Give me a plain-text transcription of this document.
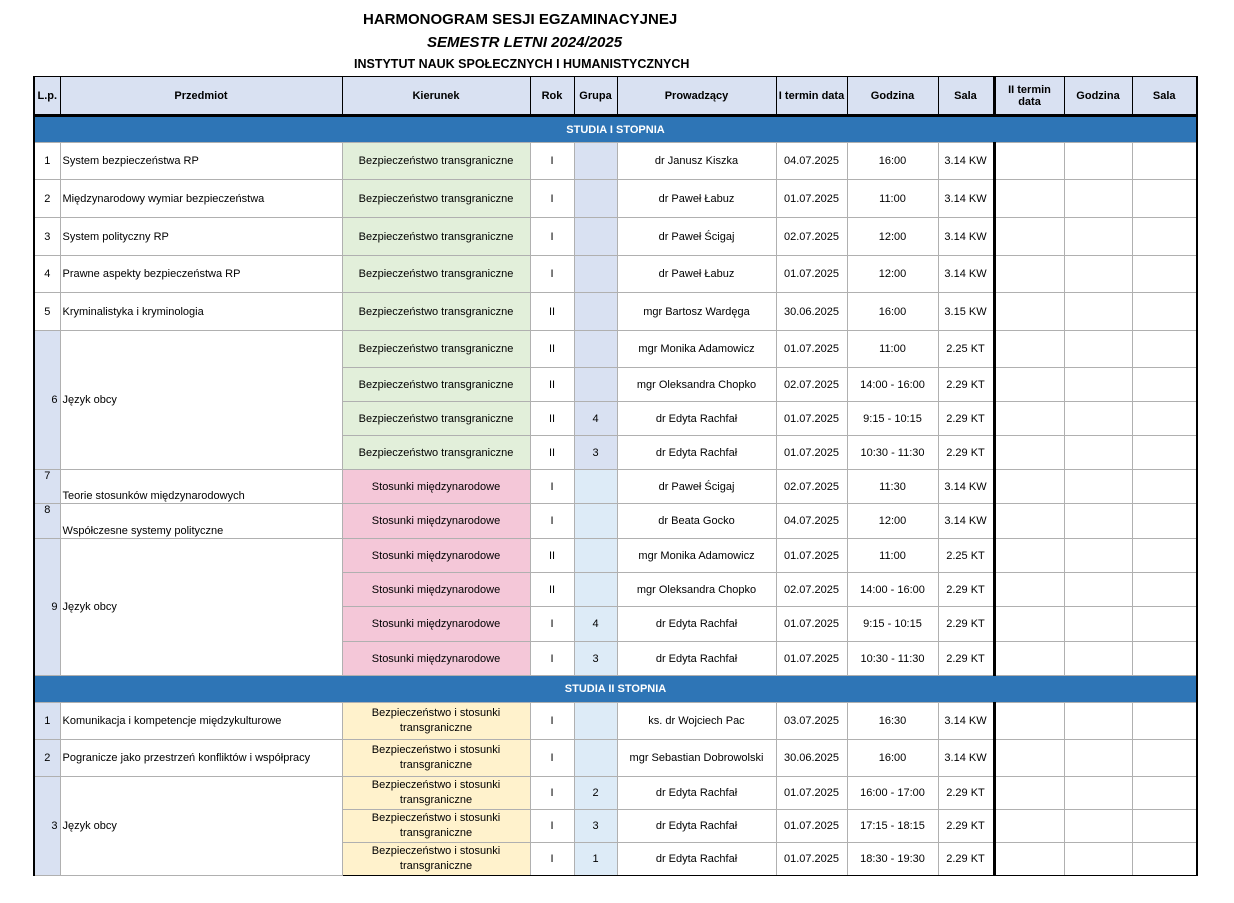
HARMONOGRAM SESJI EGZAMINACYJNEJ
SEMESTR LETNI 2024/2025
INSTYTUT NAUK SPOŁECZNYCH I HUMANISTYCZNYCH
L.p.	Przedmiot	Kierunek	Rok	Grupa	Prowadzący	I termin data	Godzina	Sala	II termin data	Godzina	Sala
STUDIA I STOPNIA											
1	System bezpieczeństwa RP	Bezpieczeństwo transgraniczne	I		dr Janusz Kiszka	04.07.2025	16:00	3.14 KW			
2	Międzynarodowy wymiar bezpieczeństwa	Bezpieczeństwo transgraniczne	I		dr Paweł Łabuz	01.07.2025	11:00	3.14 KW			
3	System polityczny RP	Bezpieczeństwo transgraniczne	I		dr Paweł Ścigaj	02.07.2025	12:00	3.14 KW			
4	Prawne aspekty bezpieczeństwa RP	Bezpieczeństwo transgraniczne	I		dr Paweł Łabuz	01.07.2025	12:00	3.14 KW			
5	Kryminalistyka i kryminologia	Bezpieczeństwo transgraniczne	II		mgr Bartosz Wardęga	30.06.2025	16:00	3.15 KW			
6	Język obcy	Bezpieczeństwo transgraniczne	II		mgr Monika Adamowicz	01.07.2025	11:00	2.25 KT			
		Bezpieczeństwo transgraniczne	II		mgr Oleksandra Chopko	02.07.2025	14:00 - 16:00	2.29 KT			
		Bezpieczeństwo transgraniczne	II	4	dr Edyta Rachfał	01.07.2025	9:15 - 10:15	2.29 KT			
		Bezpieczeństwo transgraniczne	II	3	dr Edyta Rachfał	01.07.2025	10:30 - 11:30	2.29 KT			
7	Teorie stosunków międzynarodowych	Stosunki międzynarodowe	I		dr Paweł Ścigaj	02.07.2025	11:30	3.14 KW			
8	Współczesne systemy polityczne	Stosunki międzynarodowe	I		dr Beata Gocko	04.07.2025	12:00	3.14 KW			
9	Język obcy	Stosunki międzynarodowe	II		mgr Monika Adamowicz	01.07.2025	11:00	2.25 KT			
		Stosunki międzynarodowe	II		mgr Oleksandra Chopko	02.07.2025	14:00 - 16:00	2.29 KT			
		Stosunki międzynarodowe	I	4	dr Edyta Rachfał	01.07.2025	9:15 - 10:15	2.29 KT			
		Stosunki międzynarodowe	I	3	dr Edyta Rachfał	01.07.2025	10:30 - 11:30	2.29 KT			
STUDIA II STOPNIA											
1	Komunikacja i kompetencje międzykulturowe	Bezpieczeństwo i stosunki transgraniczne	I		ks. dr Wojciech Pac	03.07.2025	16:30	3.14 KW			
2	Pogranicze jako przestrzeń konfliktów i współpracy	Bezpieczeństwo i stosunki transgraniczne	I		mgr Sebastian Dobrowolski	30.06.2025	16:00	3.14 KW			
3	Język obcy	Bezpieczeństwo i stosunki transgraniczne	I	2	dr Edyta Rachfał	01.07.2025	16:00 - 17:00	2.29 KT			
		Bezpieczeństwo i stosunki transgraniczne	I	3	dr Edyta Rachfał	01.07.2025	17:15 - 18:15	2.29 KT			
		Bezpieczeństwo i stosunki transgraniczne	I	1	dr Edyta Rachfał	01.07.2025	18:30 - 19:30	2.29 KT			
